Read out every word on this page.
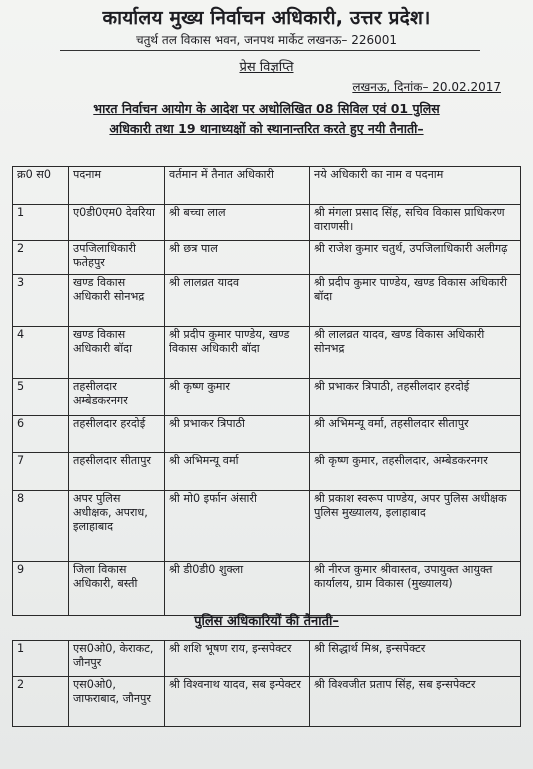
कार्यालय मुख्य निर्वाचन अधिकारी, उत्तर प्रदेश।
चतुर्थ तल विकास भवन, जनपथ मार्केट लखनऊ– 226001
प्रेस विज्ञप्ति
लखनऊ, दिनांक– 20.02.2017
भारत निर्वाचन आयोग के आदेश पर अधोलिखित 08 सिविल एवं 01 पुलिस
अधिकारी तथा 19 थानाध्यक्षों को स्थानान्तरित करते हुए नयी तैनाती–
क्र0 स0	पदनाम	वर्तमान में तैनात अधिकारी	नये अधिकारी का नाम व पदनाम
1	ए0डी0एम0 देवरिया	श्री बच्चा लाल	श्री मंगला प्रसाद सिंह, सचिव विकास प्राधिकरण वाराणसी।
2	उपजिलाधिकारी फतेहपुर	श्री छत्र पाल	श्री राजेश कुमार चतुर्थ, उपजिलाधिकारी अलीगढ़
3	खण्ड विकास अधिकारी सोनभद्र	श्री लालव्रत यादव	श्री प्रदीप कुमार पाण्डेय, खण्ड विकास अधिकारी बॉदा
4	खण्ड विकास अधिकारी बॉदा	श्री प्रदीप कुमार पाण्डेय, खण्ड विकास अधिकारी बॉदा	श्री लालव्रत यादव, खण्ड विकास अधिकारी सोनभद्र
5	तहसीलदार अम्बेडकरनगर	श्री कृष्ण कुमार	श्री प्रभाकर त्रिपाठी, तहसीलदार हरदोई
6	तहसीलदार हरदोई	श्री प्रभाकर त्रिपाठी	श्री अभिमन्यू वर्मा, तहसीलदार सीतापुर
7	तहसीलदार सीतापुर	श्री अभिमन्यू वर्मा	श्री कृष्ण कुमार, तहसीलदार, अम्बेडकरनगर
8	अपर पुलिस अधीक्षक, अपराध, इलाहाबाद	श्री मो0 इर्फान अंसारी	श्री प्रकाश स्वरूप पाण्डेय, अपर पुलिस अधीक्षक पुलिस मुख्यालय, इलाहाबाद
9	जिला विकास अधिकारी, बस्ती	श्री डी0डी0 शुक्ला	श्री नीरज कुमार श्रीवास्तव, उपायुक्त आयुक्त कार्यालय, ग्राम विकास (मुख्यालय)
पुलिस अधिकारियों की तैनाती–
1	एस0ओ0, केराकट, जौनपुर	श्री शशि भूषण राय, इन्सपेक्टर	श्री सिद्धार्थ मिश्र, इन्सपेक्टर
2	एस0ओ0, जाफराबाद, जौनपुर	श्री विश्वनाथ यादव, सब इन्पेक्टर	श्री विश्वजीत प्रताप सिंह, सब इन्सपेक्टर
